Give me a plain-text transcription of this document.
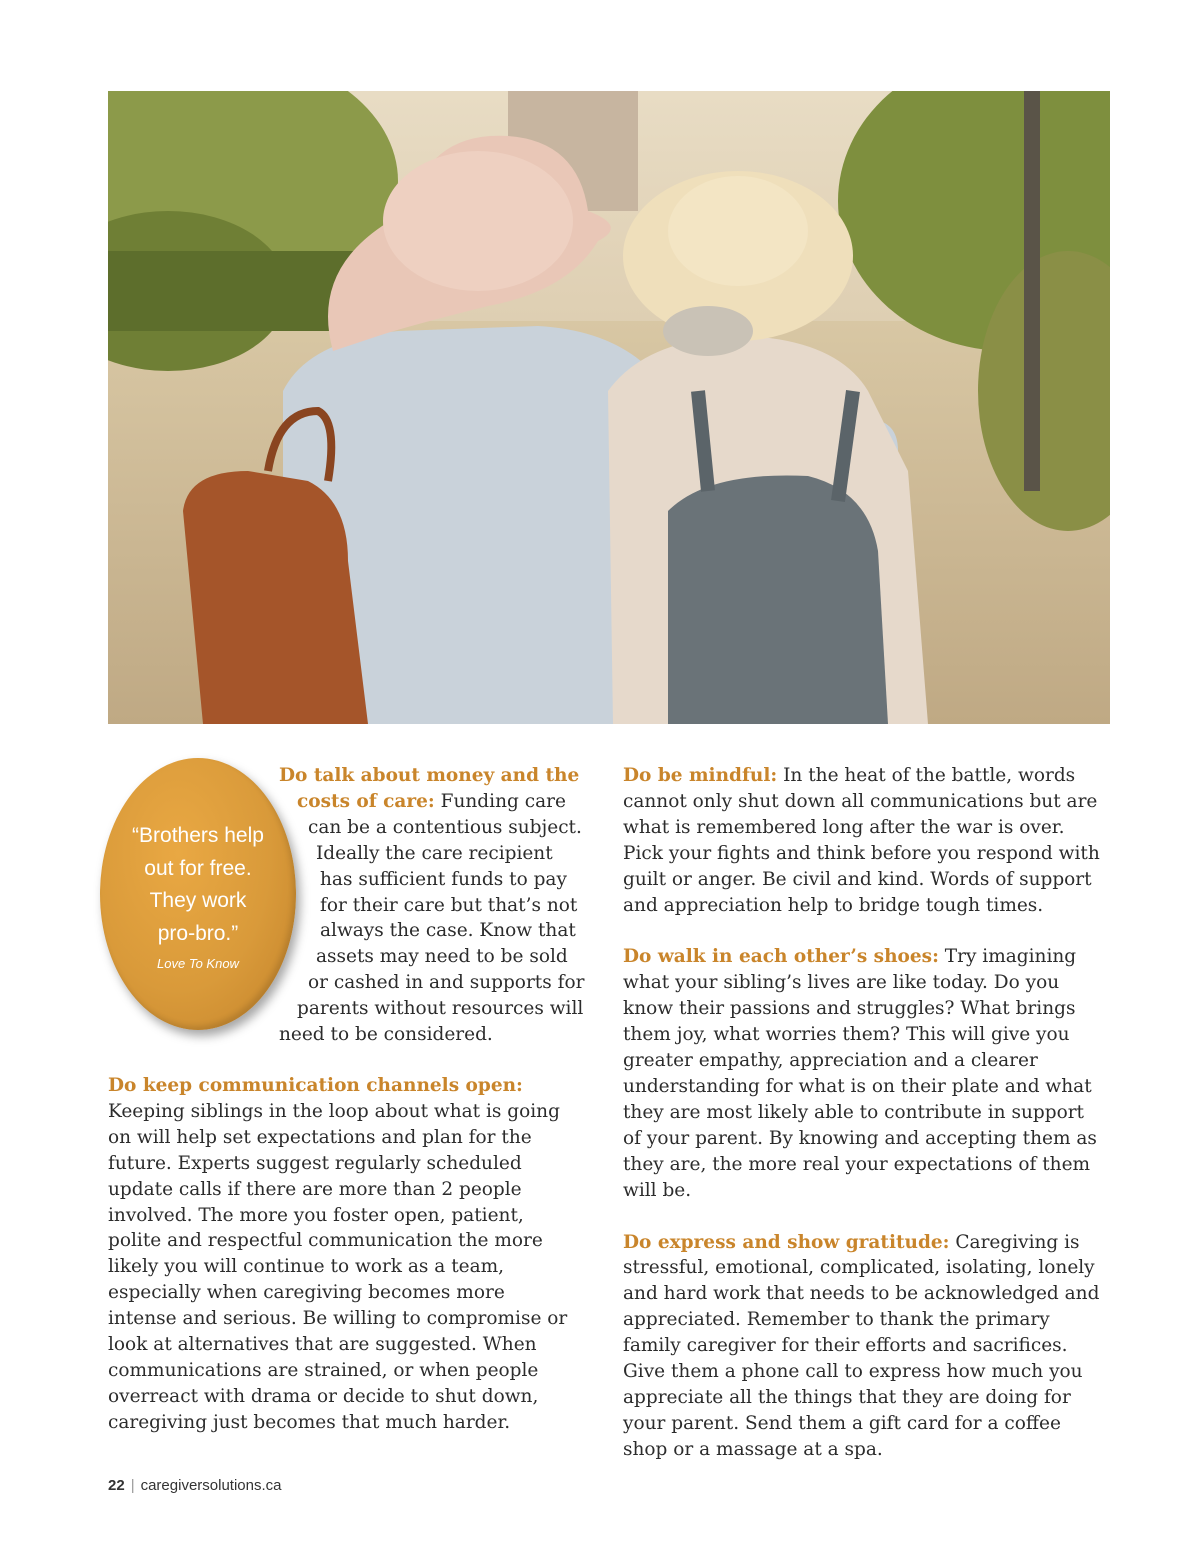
“Brothers help
out for free.
They work
pro-bro.”
Love To Know
Do talk about money and the
costs of care: Funding care
can be a contentious subject.
Ideally the care recipient
has sufficient funds to pay
for their care but that’s not
always the case. Know that
assets may need to be sold
or cashed in and supports for
parents without resources will
need to be considered.

Do keep communication channels open: Keeping siblings in the loop about what is going on will help set expectations and plan for the future. Experts suggest regularly scheduled update calls if there are more than 2 people involved. The more you foster open, patient, polite and respectful communication the more likely you will continue to work as a team, especially when caregiving becomes more intense and serious. Be willing to compromise or look at alternatives that are suggested. When communications are strained, or when people overreact with drama or decide to shut down, caregiving just becomes that much harder.

Do be mindful: In the heat of the battle, words cannot only shut down all communications but are what is remembered long after the war is over. Pick your fights and think before you respond with guilt or anger. Be civil and kind. Words of support and appreciation help to bridge tough times.

Do walk in each other’s shoes: Try imagining what your sibling’s lives are like today. Do you know their passions and struggles? What brings them joy, what worries them? This will give you greater empathy, appreciation and a clearer understanding for what is on their plate and what they are most likely able to contribute in support of your parent. By knowing and accepting them as they are, the more real your expectations of them will be.

Do express and show gratitude: Caregiving is stressful, emotional, complicated, isolating, lonely and hard work that needs to be acknowledged and appreciated. Remember to thank the primary family caregiver for their efforts and sacrifices. Give them a phone call to express how much you appreciate all the things that they are doing for your parent. Send them a gift card for a coffee shop or a massage at a spa.

22 | caregiversolutions.ca
